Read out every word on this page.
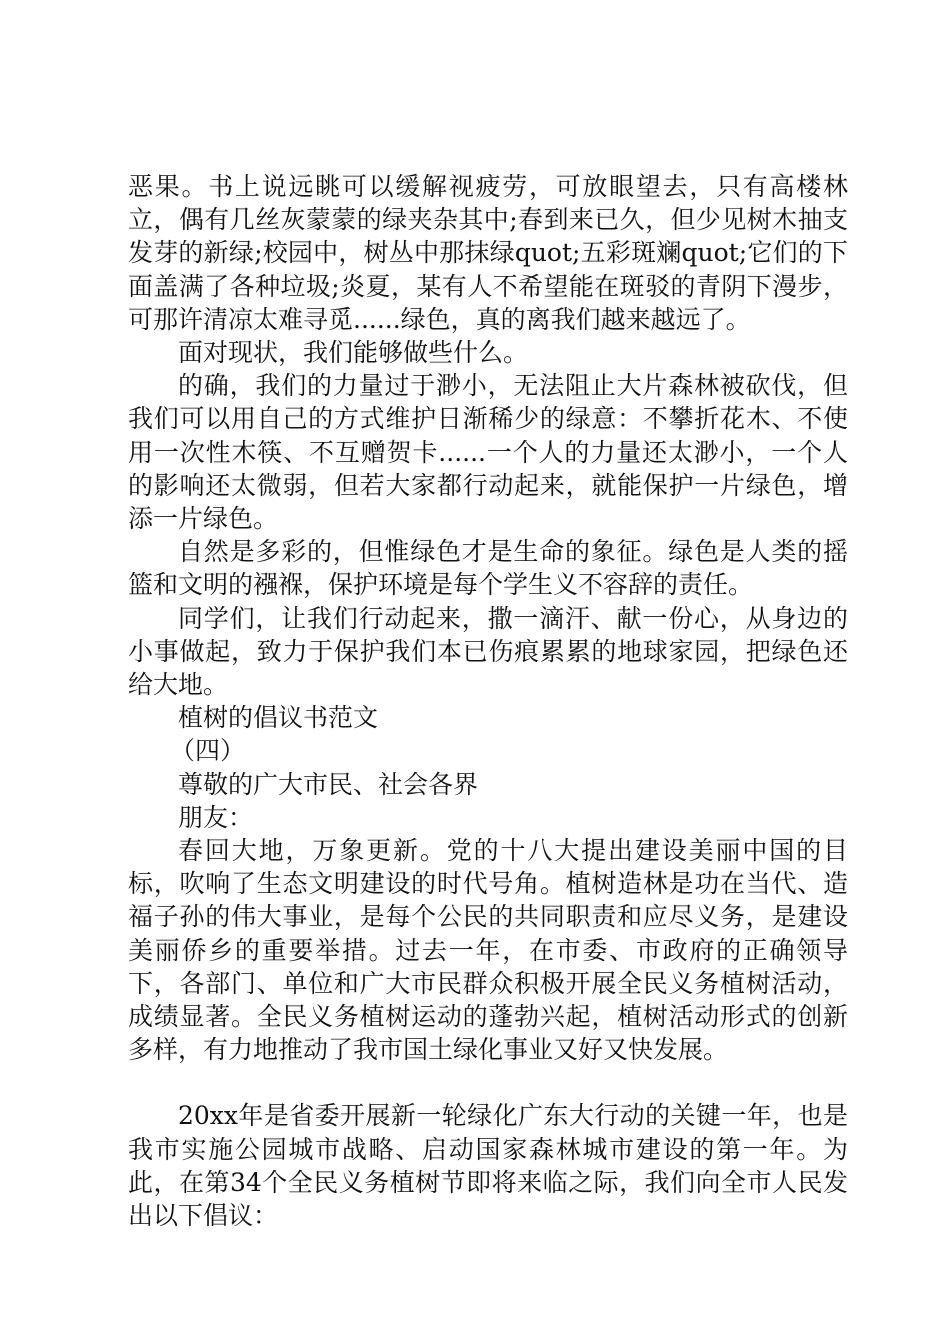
恶果。书上说远眺可以缓解视疲劳，可放眼望去，只有高楼林立，偶有几丝灰蒙蒙的绿夹杂其中;春到来已久，但少见树木抽支发芽的新绿;校园中，树丛中那抹绿quot;五彩斑斓quot;它们的下面盖满了各种垃圾;炎夏，某有人不希望能在斑驳的青阴下漫步，可那许清凉太难寻觅......绿色，真的离我们越来越远了。

面对现状，我们能够做些什么。

的确，我们的力量过于渺小，无法阻止大片森林被砍伐，但我们可以用自己的方式维护日渐稀少的绿意：不攀折花木、不使用一次性木筷、不互赠贺卡......一个人的力量还太渺小，一个人的影响还太微弱，但若大家都行动起来，就能保护一片绿色，增添一片绿色。

自然是多彩的，但惟绿色才是生命的象征。绿色是人类的摇篮和文明的襁褓，保护环境是每个学生义不容辞的责任。

同学们，让我们行动起来，撒一滴汗、献一份心，从身边的小事做起，致力于保护我们本已伤痕累累的地球家园，把绿色还给大地。

植树的倡议书范文

（四）

尊敬的广大市民、社会各界

朋友：

春回大地，万象更新。党的十八大提出建设美丽中国的目标，吹响了生态文明建设的时代号角。植树造林是功在当代、造福子孙的伟大事业，是每个公民的共同职责和应尽义务，是建设美丽侨乡的重要举措。过去一年，在市委、市政府的正确领导下，各部门、单位和广大市民群众积极开展全民义务植树活动，成绩显著。全民义务植树运动的蓬勃兴起，植树活动形式的创新多样，有力地推动了我市国土绿化事业又好又快发展。

20xx年是省委开展新一轮绿化广东大行动的关键一年，也是我市实施公园城市战略、启动国家森林城市建设的第一年。为此，在第34个全民义务植树节即将来临之际，我们向全市人民发出以下倡议：
